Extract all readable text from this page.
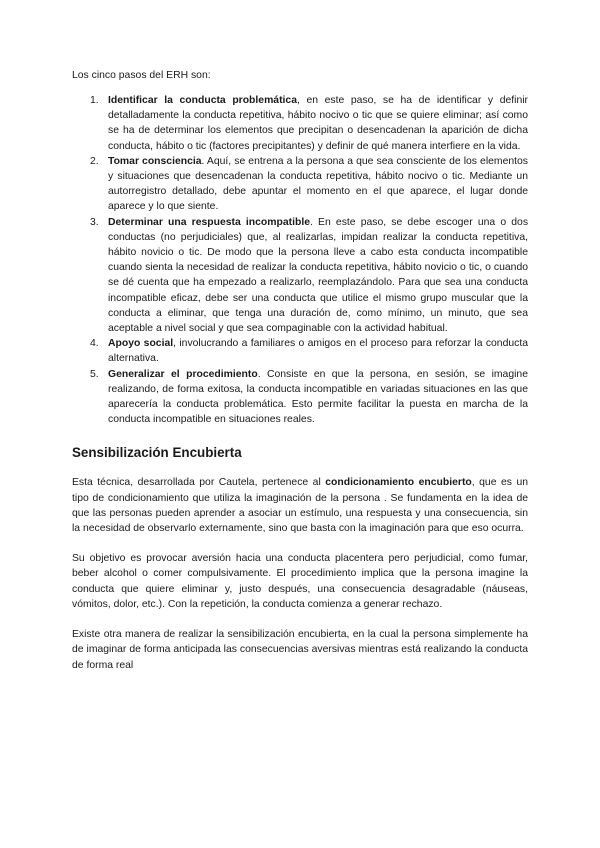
Los cinco pasos del ERH son:

1. Identificar la conducta problemática, en este paso, se ha de identificar y definir detalladamente la conducta repetitiva, hábito nocivo o tic que se quiere eliminar; así como se ha de determinar los elementos que precipitan o desencadenan la aparición de dicha conducta, hábito o tic (factores precipitantes) y definir de qué manera interfiere en la vida.
2. Tomar consciencia. Aquí, se entrena a la persona a que sea consciente de los elementos y situaciones que desencadenan la conducta repetitiva, hábito nocivo o tic. Mediante un autorregistro detallado, debe apuntar el momento en el que aparece, el lugar donde aparece y lo que siente.
3. Determinar una respuesta incompatible. En este paso, se debe escoger una o dos conductas (no perjudiciales) que, al realizarlas, impidan realizar la conducta repetitiva, hábito novicio o tic. De modo que la persona lleve a cabo esta conducta incompatible cuando sienta la necesidad de realizar la conducta repetitiva, hábito novicio o tic, o cuando se dé cuenta que ha empezado a realizarlo, reemplazándolo. Para que sea una conducta incompatible eficaz, debe ser una conducta que utilice el mismo grupo muscular que la conducta a eliminar, que tenga una duración de, como mínimo, un minuto, que sea aceptable a nivel social y que sea compaginable con la actividad habitual.
4. Apoyo social, involucrando a familiares o amigos en el proceso para reforzar la conducta alternativa.
5. Generalizar el procedimiento. Consiste en que la persona, en sesión, se imagine realizando, de forma exitosa, la conducta incompatible en variadas situaciones en las que aparecería la conducta problemática. Esto permite facilitar la puesta en marcha de la conducta incompatible en situaciones reales.
Sensibilización Encubierta

Esta técnica, desarrollada por Cautela, pertenece al condicionamiento encubierto, que es un tipo de condicionamiento que utiliza la imaginación de la persona . Se fundamenta en la idea de que las personas pueden aprender a asociar un estímulo, una respuesta y una consecuencia, sin la necesidad de observarlo externamente, sino que basta con la imaginación para que eso ocurra.

Su objetivo es provocar aversión hacia una conducta placentera pero perjudicial, como fumar, beber alcohol o comer compulsivamente. El procedimiento implica que la persona imagine la conducta que quiere eliminar y, justo después, una consecuencia desagradable (náuseas, vómitos, dolor, etc.). Con la repetición, la conducta comienza a generar rechazo.

Existe otra manera de realizar la sensibilización encubierta, en la cual la persona simplemente ha de imaginar de forma anticipada las consecuencias aversivas mientras está realizando la conducta de forma real
